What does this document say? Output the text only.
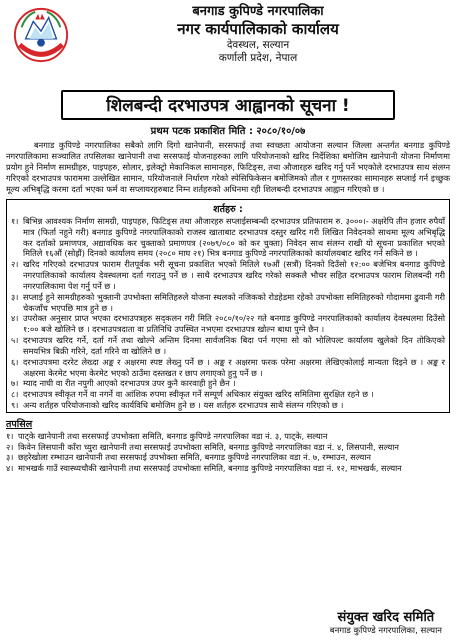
बनगाड कुपिण्डे नगरपालिका
नगर कार्यपालिकाको कार्यालय
देवस्थल, सल्यान
कर्णाली प्रदेश, नेपाल
शिलबन्दी दरभाउपत्र आह्वानको सूचना !
प्रथम पटक प्रकाशित मिति : २०८०/१०/०७

बनगाड कुपिण्डे नगरपालिका सबैको लागि दिगो खानेपानी, सरसफाई तथा स्वच्छता आयोजना सल्यान जिल्ला अन्तर्गत बनगाड कुपिण्डे नगरपालिकामा सञ्चालित तपसिलका खानेपानी तथा सरसफाई योजनाहरुका लागि परियोजनाको खरिद निर्देशिका बमोजिम खानेपानी योजना निर्माणमा प्रयोग हुने निर्माण सामग्रीहरु, पाइपहरु, सोलार, इलेक्ट्रो मेकानिकल सामानहरु, फिटिङ्स, तथा औजारहरु खरिद गर्नु पर्ने भएकोले दरभाउपत्र साथ संलग्न गरिएको दरभाउपत्र फाराममा उल्लेखित सामान, परियोजनाले निर्धारण गरेको स्पेसिफिकेसन बमोजिमको तौल र गुणस्तरका सामानहरु सप्लाई गर्न इच्छुक मूल्य अभिबृद्धि करमा दर्ता भएका फर्म वा सप्लायरहरुबाट निम्न शर्तहरुको अधिनमा रही शिलबन्दी दरभाउपत्र आह्वान गरिएको छ ।

शर्तहरु :
१। बिभिन्न आवश्यक निर्माण सामग्री, पाइपहरु, फिटिङ्स तथा औजारहरु सप्लाईसम्बन्धी दरभाउपत्र प्रतिफाराम रु. ३०००।- अक्षरेपि तीन हजार रुपैयाँ मात्र (फिर्ता नहुने गरी) बनगाड कुपिण्डे नगरपालिकाको राजस्व खाताबाट दरभाउपत्र दस्तुर खरिद गरी लिखित निवेदनको साथमा मूल्य अभिबृद्धि कर दर्ताको प्रमाणपत्र, अद्यावधिक कर चुक्ताको प्रमाणपत्र (२०७९/०८० को कर चुक्ता) निवेदन साथ संलग्न राखी यो सूचना प्रकाशित भएको मितिले १६औं (सोह्रौं) दिनको कार्यालय समय (२०८० माघ २१) भित्र बनगाड कुपिण्डे नगरपालिकाको कार्यालयबाट खरिद गर्न सकिने छ ।
२। खरिद गरिएको दरभाउपत्र फाराम रीतपूर्वक भरी सूचना प्रकाशित भएको मितिले १७औं (सत्रौं) दिनको दिउँसो १२:०० बजेभित्र बनगाड कुपिण्डे नगरपालिकाको कार्यालय देवस्थलमा दर्ता गराउनु पर्ने छ । साथै दरभाउपत्र खरिद गरेको सक्कलै भौचर सहित दरभाउपत्र फाराम शिलबन्दी गरी नगरपालिकामा पेश गर्नु पर्ने छ ।
३। सप्लाई हुने सामग्रीहरुको भुक्तानी उपभोक्ता समितिहरुले योजना स्थलको नजिकको रोडहेडमा रहेको उपभोक्ता समितिहरुको गोदाममा ढुवानी गरी चेकजाँच भएपछि मात्र हुने छ ।
४। उपरोक्त अनुसार प्राप्त भएका दरभाउपत्रहरु सद्कलन गरी मिति २०८०/१०/२२ गते बनगाड कुपिण्डे नगरपालिकाको कार्यालय देवस्थलमा दिउँसो १:०० बजे खोलिने छ । दरभाउपत्रदाता वा प्रतिनिधि उपस्थित नभएमा दरभाउपत्र खोल्न बाधा पुग्ने छैन ।
५। दरभाउपत्र खरिद गर्ने, दर्ता गर्ने तथा खोल्ने अन्तिम दिनमा सार्वजनिक बिदा पर्न गएमा सो को भोलिपल्ट कार्यालय खुलेको दिन तोकिएको समयभित्र बिक्री गरिने, दर्ता गरिने वा खोलिने छ ।
६। दरभाउपत्रमा दररेट लेख्दा अङ्क र अक्षरमा स्पष्ट लेख्नु पर्ने छ । अङ्क र अक्षरमा फरक परेमा अक्षरमा लेखिएकोलाई मान्यता दिइने छ । अङ्क र अक्षरमा केरमेट भएमा केरमेट भएको ठाउँमा दस्तखत र छाप लगाएको हुनु पर्ने छ ।
७। म्याद नाघी वा रीत नपुगी आएको दरभाउपत्र उपर कुनै कारवाही हुने छैन ।
८। दरभाउपत्र स्वीकृत गर्ने वा नगर्ने वा आंशिक रुपमा स्वीकृत गर्ने सम्पूर्ण अधिकार संयुक्त खरिद समितिमा सुरक्षित रहने छ ।
९। अन्य शर्तहरु परियोजनाको खरिद कार्यविधि बमोजिम हुने छ । यस शर्तहरु दरभाउपत्र साथै संलग्न गरिएको छ ।
तपसिल
१। पाट्के खानेपानी तथा सरसफाई उपभोक्ता समिति, बनगाड कुपिण्डे नगरपालिका वडा नं. ३, पाट्के, सल्यान
२। किवेन लिसपानी काँरा च्युरा खानेपानी तथा सरसफाई उपभोक्ता समिति, बनगाड कुपिण्डे नगरपालिका वडा नं. ४, लिसपानी, सल्यान
३। छहरेखोला रम्भाउन खानेपानी तथा सरसफाई उपभोक्ता समिति, बनगाड कुपिण्डे नगरपालिका वडा नं. ७, रम्भाउन, सल्यान
४। माभखर्क गाउँ स्वास्थ्यचौकी खानेपानी तथा सरसफाई उपभोक्ता समिति, बनगाड कुपिण्डे नगरपालिका वडा नं. १२, माभखर्क, सल्यान
संयुक्त खरिद समिति
बनगाड कुपिण्डे नगरपालिका, सल्यान
